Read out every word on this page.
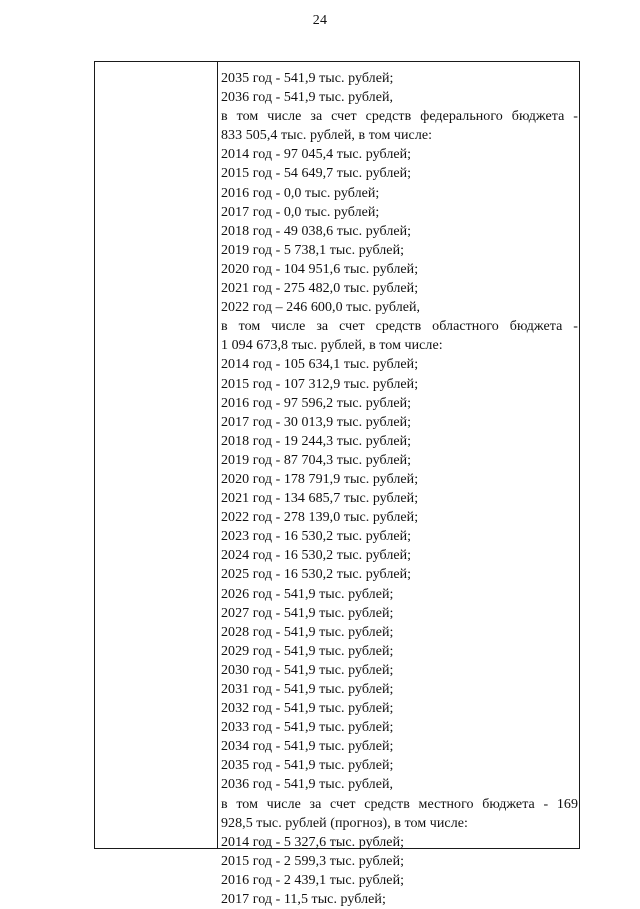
24
2035 год - 541,9 тыс. рублей;
2036 год - 541,9 тыс. рублей,
в том числе за счет средств федерального бюджета -
833 505,4 тыс. рублей, в том числе:
2014 год - 97 045,4 тыс. рублей;
2015 год - 54 649,7 тыс. рублей;
2016 год - 0,0 тыс. рублей;
2017 год - 0,0 тыс. рублей;
2018 год - 49 038,6 тыс. рублей;
2019 год - 5 738,1 тыс. рублей;
2020 год - 104 951,6 тыс. рублей;
2021 год - 275 482,0 тыс. рублей;
2022 год – 246 600,0 тыс. рублей,
в том числе за счет средств областного бюджета -
1 094 673,8 тыс. рублей, в том числе:
2014 год - 105 634,1 тыс. рублей;
2015 год - 107 312,9 тыс. рублей;
2016 год - 97 596,2 тыс. рублей;
2017 год - 30 013,9 тыс. рублей;
2018 год - 19 244,3 тыс. рублей;
2019 год - 87 704,3 тыс. рублей;
2020 год - 178 791,9 тыс. рублей;
2021 год - 134 685,7 тыс. рублей;
2022 год - 278 139,0 тыс. рублей;
2023 год - 16 530,2 тыс. рублей;
2024 год - 16 530,2 тыс. рублей;
2025 год - 16 530,2 тыс. рублей;
2026 год - 541,9 тыс. рублей;
2027 год - 541,9 тыс. рублей;
2028 год - 541,9 тыс. рублей;
2029 год - 541,9 тыс. рублей;
2030 год - 541,9 тыс. рублей;
2031 год - 541,9 тыс. рублей;
2032 год - 541,9 тыс. рублей;
2033 год - 541,9 тыс. рублей;
2034 год - 541,9 тыс. рублей;
2035 год - 541,9 тыс. рублей;
2036 год - 541,9 тыс. рублей,
в том числе за счет средств местного бюджета - 169
928,5 тыс. рублей (прогноз), в том числе:
2014 год - 5 327,6 тыс. рублей;
2015 год - 2 599,3 тыс. рублей;
2016 год - 2 439,1 тыс. рублей;
2017 год - 11,5 тыс. рублей;
